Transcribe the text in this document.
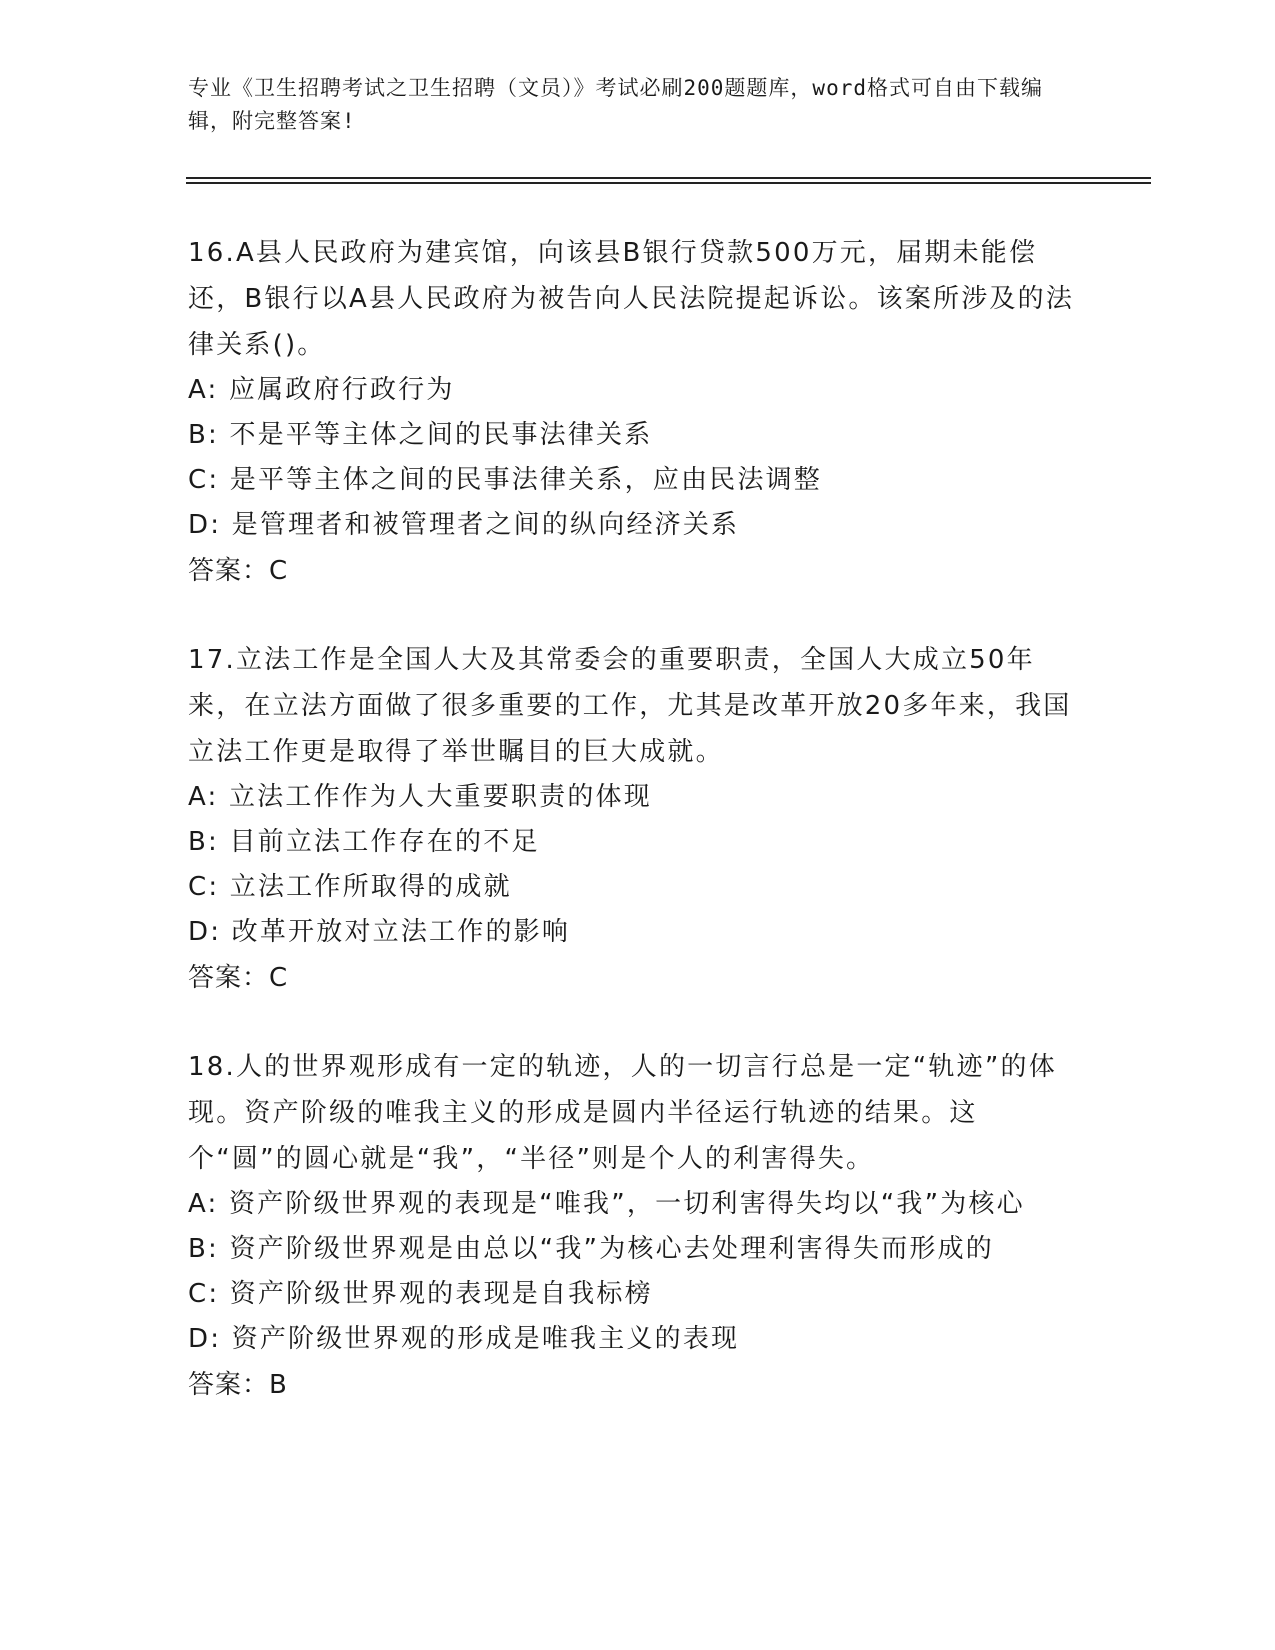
专业《卫生招聘考试之卫生招聘（文员）》考试必刷200题题库，word格式可自由下载编辑，附完整答案!
16.A县人民政府为建宾馆，向该县B银行贷款500万元，届期未能偿还，B银行以A县人民政府为被告向人民法院提起诉讼。该案所涉及的法律关系()。
A: 应属政府行政行为
B: 不是平等主体之间的民事法律关系
C: 是平等主体之间的民事法律关系，应由民法调整
D: 是管理者和被管理者之间的纵向经济关系
答案：C
17.立法工作是全国人大及其常委会的重要职责，全国人大成立50年来，在立法方面做了很多重要的工作，尤其是改革开放20多年来，我国立法工作更是取得了举世瞩目的巨大成就。
A: 立法工作作为人大重要职责的体现
B: 目前立法工作存在的不足
C: 立法工作所取得的成就
D: 改革开放对立法工作的影响
答案：C
18.人的世界观形成有一定的轨迹，人的一切言行总是一定“轨迹”的体现。资产阶级的唯我主义的形成是圆内半径运行轨迹的结果。这个“圆”的圆心就是“我”，“半径”则是个人的利害得失。
A: 资产阶级世界观的表现是“唯我”，一切利害得失均以“我”为核心
B: 资产阶级世界观是由总以“我”为核心去处理利害得失而形成的
C: 资产阶级世界观的表现是自我标榜
D: 资产阶级世界观的形成是唯我主义的表现
答案：B
